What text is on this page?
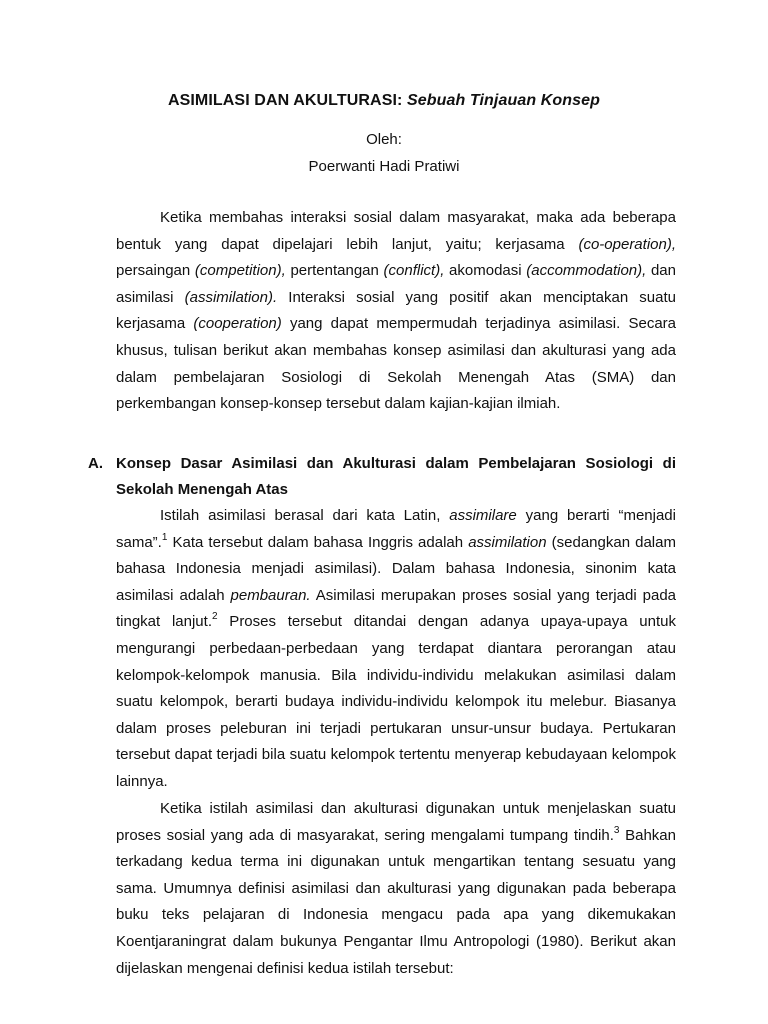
ASIMILASI DAN AKULTURASI: Sebuah Tinjauan Konsep
Oleh:
Poerwanti Hadi Pratiwi

Ketika membahas interaksi sosial dalam masyarakat, maka ada beberapa bentuk yang dapat dipelajari lebih lanjut, yaitu; kerjasama (co-operation), persaingan (competition), pertentangan (conflict), akomodasi (accommodation), dan asimilasi (assimilation). Interaksi sosial yang positif akan menciptakan suatu kerjasama (cooperation) yang dapat mempermudah terjadinya asimilasi. Secara khusus, tulisan berikut akan membahas konsep asimilasi dan akulturasi yang ada dalam pembelajaran Sosiologi di Sekolah Menengah Atas (SMA) dan perkembangan konsep-konsep tersebut dalam kajian-kajian ilmiah.

A. Konsep Dasar Asimilasi dan Akulturasi dalam Pembelajaran Sosiologi di Sekolah Menengah Atas

Istilah asimilasi berasal dari kata Latin, assimilare yang berarti “menjadi sama”.$^1$ Kata tersebut dalam bahasa Inggris adalah assimilation (sedangkan dalam bahasa Indonesia menjadi asimilasi). Dalam bahasa Indonesia, sinonim kata asimilasi adalah pembauran. Asimilasi merupakan proses sosial yang terjadi pada tingkat lanjut.$^2$ Proses tersebut ditandai dengan adanya upaya-upaya untuk mengurangi perbedaan-perbedaan yang terdapat diantara perorangan atau kelompok-kelompok manusia. Bila individu-individu melakukan asimilasi dalam suatu kelompok, berarti budaya individu-individu kelompok itu melebur. Biasanya dalam proses peleburan ini terjadi pertukaran unsur-unsur budaya. Pertukaran tersebut dapat terjadi bila suatu kelompok tertentu menyerap kebudayaan kelompok lainnya.

Ketika istilah asimilasi dan akulturasi digunakan untuk menjelaskan suatu proses sosial yang ada di masyarakat, sering mengalami tumpang tindih.$^3$ Bahkan terkadang kedua terma ini digunakan untuk mengartikan tentang sesuatu yang sama. Umumnya definisi asimilasi dan akulturasi yang digunakan pada beberapa buku teks pelajaran di Indonesia mengacu pada apa yang dikemukakan Koentjaraningrat dalam bukunya Pengantar Ilmu Antropologi (1980). Berikut akan dijelaskan mengenai definisi kedua istilah tersebut:
